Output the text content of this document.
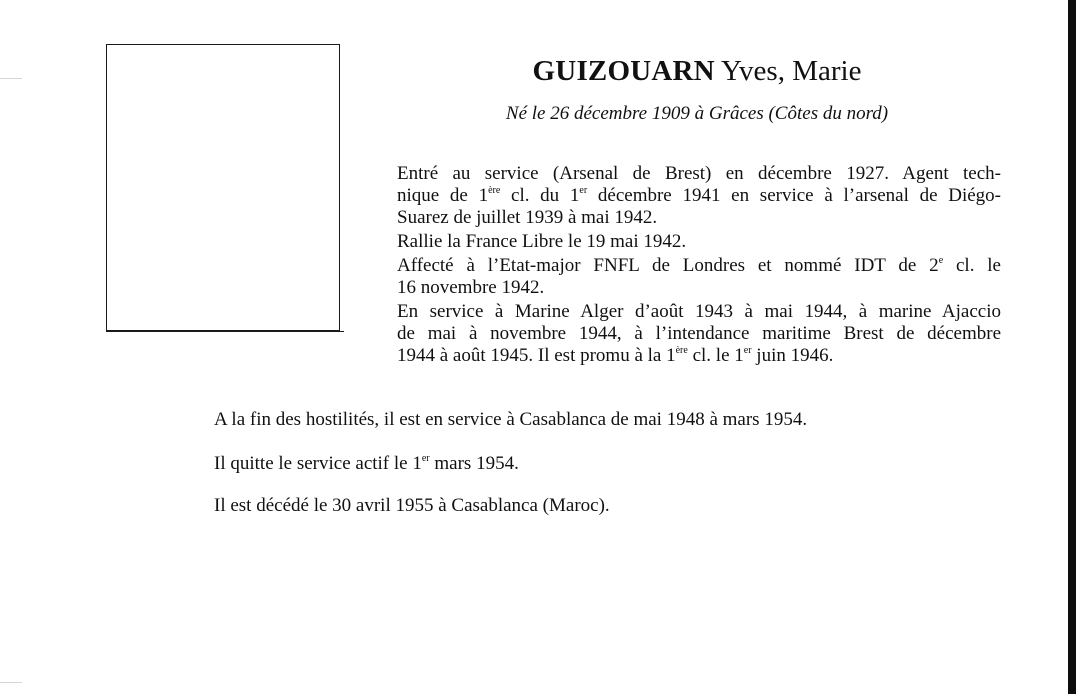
GUIZOUARN Yves, Marie
Né le 26 décembre 1909 à Grâces (Côtes du nord)

Entré au service (Arsenal de Brest) en décembre 1927. Agent tech-
nique de 1ère cl. du 1er décembre 1941 en service à l’arsenal de Diégo-
Suarez de juillet 1939 à mai 1942.

Rallie la France Libre le 19 mai 1942.

Affecté à l’Etat-major FNFL de Londres et nommé IDT de 2e cl. le
16 novembre 1942.

En service à Marine Alger d’août 1943 à mai 1944, à marine Ajaccio
de mai à novembre 1944, à l’intendance maritime Brest de décembre
1944 à août 1945. Il est promu à la 1ère cl. le 1er juin 1946.

A la fin des hostilités, il est en service à Casablanca de mai 1948 à mars 1954.
Il quitte le service actif le 1er mars 1954.
Il est décédé le 30 avril 1955 à Casablanca (Maroc).
